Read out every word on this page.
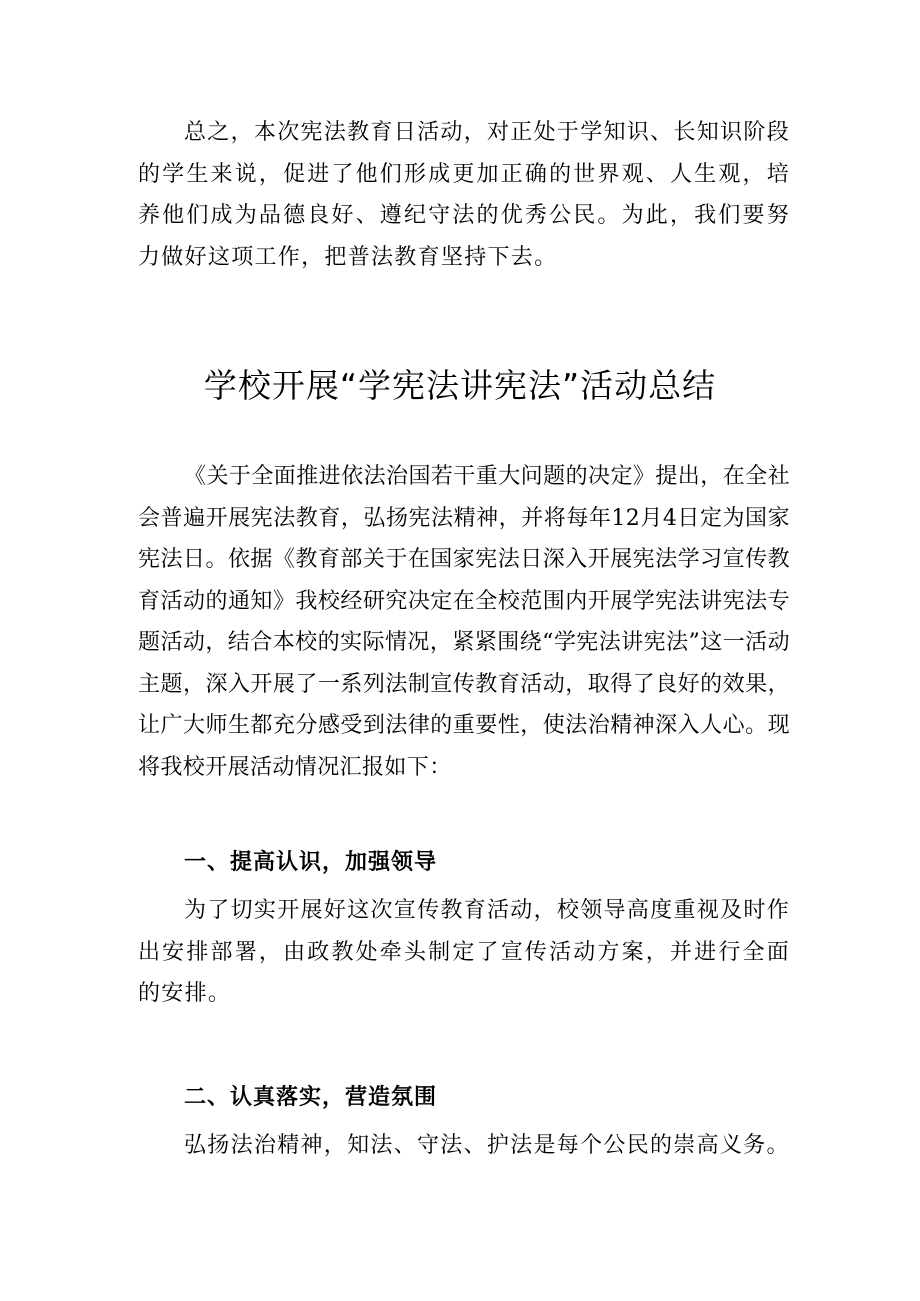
总之，本次宪法教育日活动，对正处于学知识、长知识阶段的学生来说，促进了他们形成更加正确的世界观、人生观，培养他们成为品德良好、遵纪守法的优秀公民。为此，我们要努力做好这项工作，把普法教育坚持下去。

学校开展“学宪法讲宪法”活动总结

《关于全面推进依法治国若干重大问题的决定》提出，在全社会普遍开展宪法教育，弘扬宪法精神，并将每年12月4日定为国家宪法日。依据《教育部关于在国家宪法日深入开展宪法学习宣传教育活动的通知》我校经研究决定在全校范围内开展学宪法讲宪法专题活动，结合本校的实际情况，紧紧围绕“学宪法讲宪法”这一活动主题，深入开展了一系列法制宣传教育活动，取得了良好的效果，让广大师生都充分感受到法律的重要性，使法治精神深入人心。现将我校开展活动情况汇报如下：

一、提高认识，加强领导

为了切实开展好这次宣传教育活动，校领导高度重视及时作出安排部署，由政教处牵头制定了宣传活动方案，并进行全面的安排。

二、认真落实，营造氛围

弘扬法治精神，知法、守法、护法是每个公民的崇高义务。
